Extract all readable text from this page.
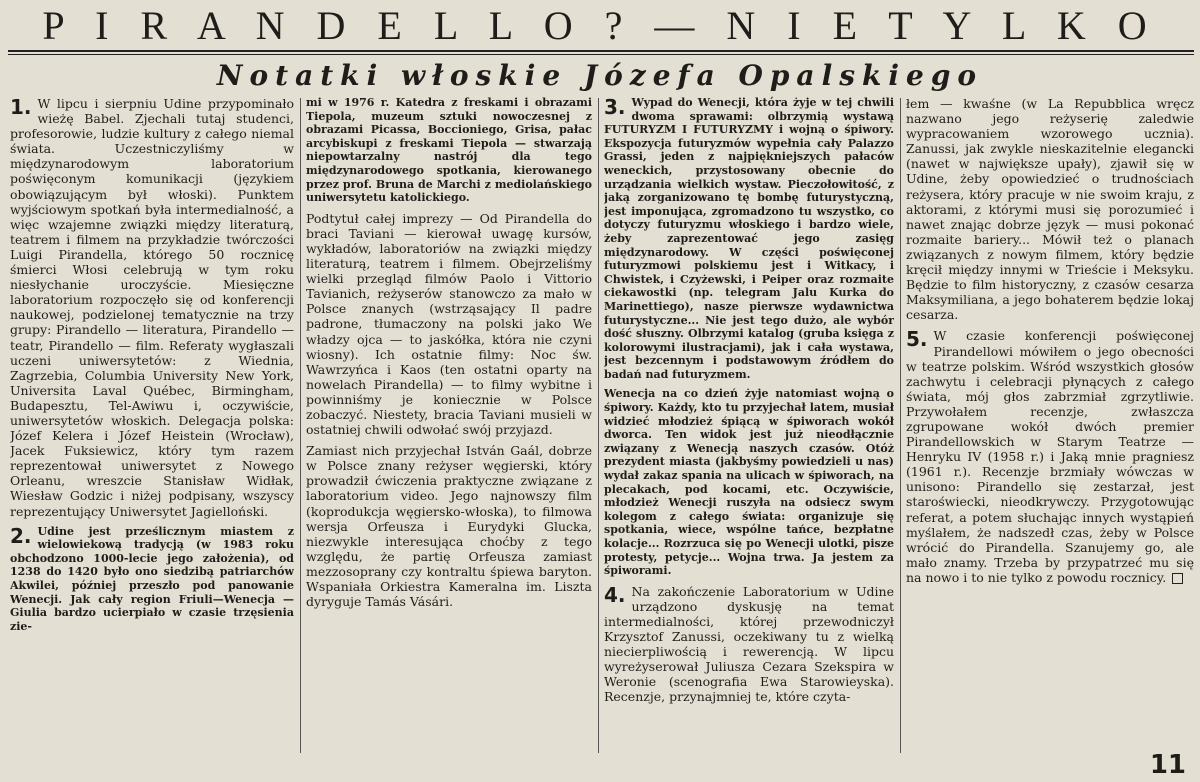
P I R A N D E L L O ? — N I E T Y L K O
Notatki włoskie Józefa Opalskiego

1. W lipcu i sierpniu Udine przypominało wieżę Babel. Zjechali tutaj studenci, profesorowie, ludzie kultury z całego niemal świata. Uczestniczyliśmy w międzynarodowym laboratorium poświęconym komunikacji (językiem obowiązującym był włoski). Punktem wyjściowym spotkań była intermedialność, a więc wzajemne związki między literaturą, teatrem i filmem na przykładzie twórczości Luigi Pirandella, którego 50 rocznicę śmierci Włosi celebrują w tym roku niesłychanie uroczyście. Miesięczne laboratorium rozpoczęło się od konferencji naukowej, podzielonej tematycznie na trzy grupy: Pirandello — literatura, Pirandello — teatr, Pirandello — film. Referaty wygłaszali uczeni uniwersytetów: z Wiednia, Zagrzebia, Columbia University New York, Universita Laval Québec, Birmingham, Budapesztu, Tel-Awiwu i, oczywiście, uniwersytetów włoskich. Delegacja polska: Józef Kelera i Józef Heistein (Wrocław), Jacek Fuksiewicz, który tym razem reprezentował uniwersytet z Nowego Orleanu, wreszcie Stanisław Widłak, Wiesław Godzic i niżej podpisany, wszyscy reprezentujący Uniwersytet Jagielloński.

2. Udine jest prześlicznym miastem z wielowiekową tradycją (w 1983 roku obchodzono 1000-lecie jego założenia), od 1238 do 1420 było ono siedzibą patriarchów Akwilei, później przeszło pod panowanie Wenecji. Jak cały region Friuli—Wenecja — Giulia bardzo ucierpiało w czasie trzęsienia zie-

mi w 1976 r. Katedra z freskami i obrazami Tiepola, muzeum sztuki nowoczesnej z obrazami Picassa, Boccioniego, Grisa, pałac arcybiskupi z freskami Tiepola — stwarzają niepowtarzalny nastrój dla tego międzynarodowego spotkania, kierowanego przez prof. Bruna de Marchi z mediolańskiego uniwersytetu katolickiego.

Podtytuł całej imprezy — Od Pirandella do braci Taviani — kierował uwagę kursów, wykładów, laboratoriów na związki między literaturą, teatrem i filmem. Obejrzeliśmy wielki przegląd filmów Paolo i Vittorio Tavianich, reżyserów stanowczo za mało w Polsce znanych (wstrząsający Il padre padrone, tłumaczony na polski jako We władzy ojca — to jaskółka, która nie czyni wiosny). Ich ostatnie filmy: Noc św. Wawrzyńca i Kaos (ten ostatni oparty na nowelach Pirandella) — to filmy wybitne i powinniśmy je koniecznie w Polsce zobaczyć. Niestety, bracia Taviani musieli w ostatniej chwili odwołać swój przyjazd.

Zamiast nich przyjechał István Gaál, dobrze w Polsce znany reżyser węgierski, który prowadził ćwiczenia praktyczne związane z laboratorium video. Jego najnowszy film (koprodukcja węgiersko-włoska), to filmowa wersja Orfeusza i Eurydyki Glucka, niezwykle interesująca choćby z tego względu, że partię Orfeusza zamiast mezzosoprany czy kontraltu śpiewa baryton. Wspaniała Orkiestra Kameralna im. Liszta dyryguje Tamás Vásári.

3. Wypad do Wenecji, która żyje w tej chwili dwoma sprawami: olbrzymią wystawą FUTURYZM I FUTURYZMY i wojną o śpiwory. Ekspozycja futuryzmów wypełnia cały Palazzo Grassi, jeden z najpiękniejszych pałaców weneckich, przystosowany obecnie do urządzania wielkich wystaw. Pieczołowitość, z jaką zorganizowano tę bombę futurystyczną, jest imponująca, zgromadzono tu wszystko, co dotyczy futuryzmu włoskiego i bardzo wiele, żeby zaprezentować jego zasięg międzynarodowy. W części poświęconej futuryzmowi polskiemu jest i Witkacy, i Chwistek, i Czyżewski, i Peiper oraz rozmaite ciekawostki (np. telegram Jalu Kurka do Marinettiego), nasze pierwsze wydawnictwa futurystyczne... Nie jest tego dużo, ale wybór dość słuszny. Olbrzymi katalog (gruba księga z kolorowymi ilustracjami), jak i cała wystawa, jest bezcennym i podstawowym źródłem do badań nad futuryzmem.

Wenecja na co dzień żyje natomiast wojną o śpiwory. Każdy, kto tu przyjechał latem, musiał widzieć młodzież śpiącą w śpiworach wokół dworca. Ten widok jest już nieodłącznie związany z Wenecją naszych czasów. Otóż prezydent miasta (jakbyśmy powiedzieli u nas) wydał zakaz spania na ulicach w śpiworach, na plecakach, pod kocami, etc. Oczywiście, młodzież Wenecji ruszyła na odsiecz swym kolegom z całego świata: organizuje się spotkania, wiece, wspólne tańce, bezpłatne kolacje... Rozrzuca się po Wenecji ulotki, pisze protesty, petycje... Wojna trwa. Ja jestem za śpiworami.

4. Na zakończenie Laboratorium w Udine urządzono dyskusję na temat intermedialności, której przewodniczył Krzysztof Zanussi, oczekiwany tu z wielką niecierpliwością i rewerencją. W lipcu wyreżyserował Juliusza Cezara Szekspira w Weronie (scenografia Ewa Starowieyska). Recenzje, przynajmniej te, które czyta-

łem — kwaśne (w La Repubblica wręcz nazwano jego reżyserię zaledwie wypracowaniem wzorowego ucznia). Zanussi, jak zwykle nieskazitelnie elegancki (nawet w największe upały), zjawił się w Udine, żeby opowiedzieć o trudnościach reżysera, który pracuje w nie swoim kraju, z aktorami, z którymi musi się porozumieć i nawet znając dobrze język — musi pokonać rozmaite bariery... Mówił też o planach związanych z nowym filmem, który będzie kręcił między innymi w Trieście i Meksyku. Będzie to film historyczny, z czasów cesarza Maksymiliana, a jego bohaterem będzie lokaj cesarza.

5. W czasie konferencji poświęconej Pirandellowi mówiłem o jego obecności w teatrze polskim. Wśród wszystkich głosów zachwytu i celebracji płynących z całego świata, mój głos zabrzmiał zgrzytliwie. Przywołałem recenzje, zwłaszcza zgrupowane wokół dwóch premier Pirandellowskich w Starym Teatrze — Henryku IV (1958 r.) i Jaką mnie pragniesz (1961 r.). Recenzje brzmiały wówczas w unisono: Pirandello się zestarzał, jest staroświecki, nieodkrywczy. Przygotowując referat, a potem słuchając innych wystąpień myślałem, że nadszedł czas, żeby w Polsce wrócić do Pirandella. Szanujemy go, ale mało znamy. Trzeba by przypatrzeć mu się na nowo i to nie tylko z powodu rocznicy.

11
